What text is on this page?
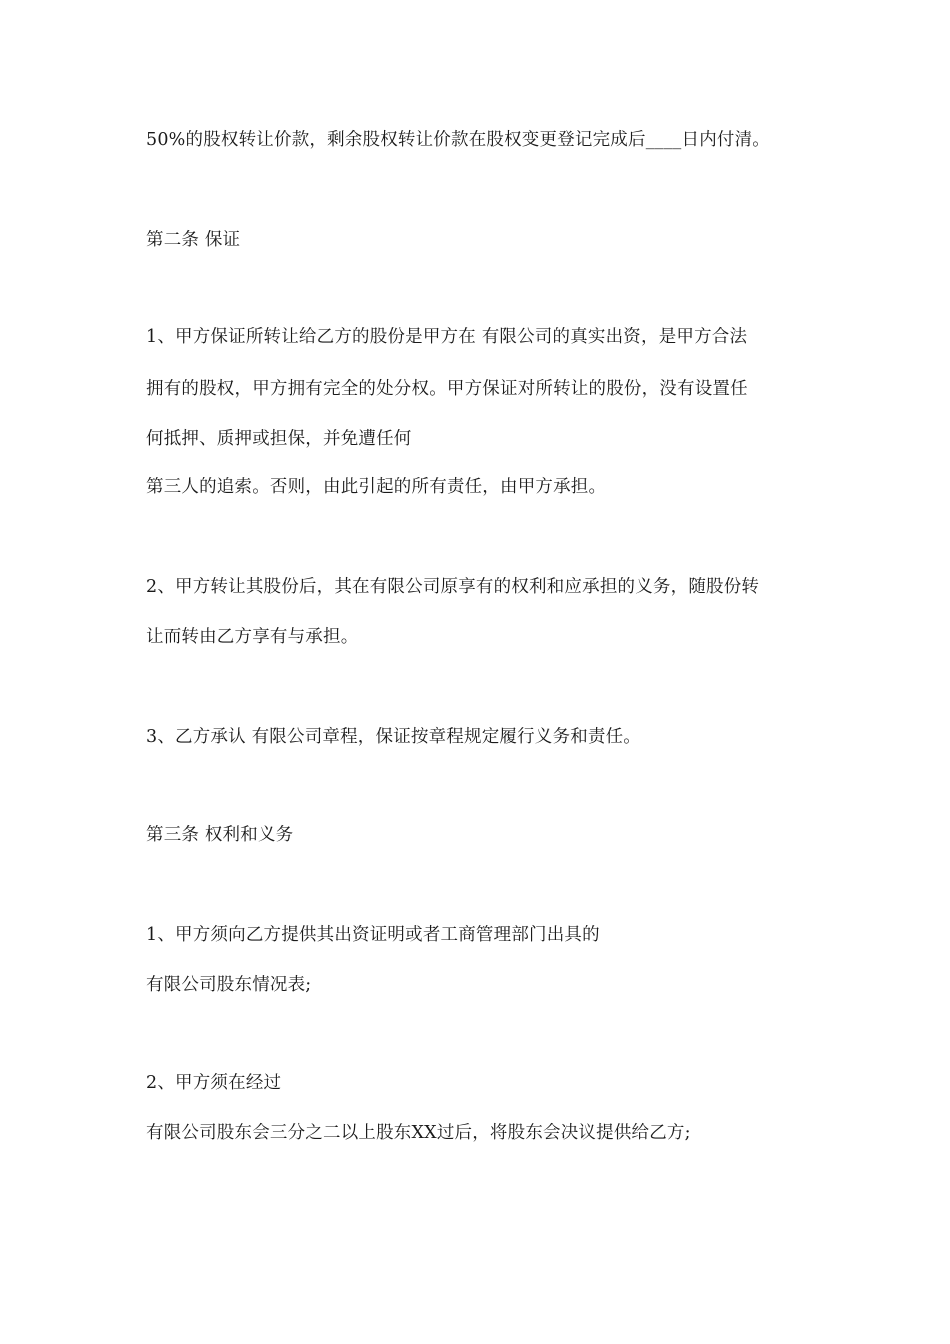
50%的股权转让价款，剩余股权转让价款在股权变更登记完成后____日内付清。
第二条 保证
1、甲方保证所转让给乙方的股份是甲方在 有限公司的真实出资，是甲方合法
拥有的股权，甲方拥有完全的处分权。甲方保证对所转让的股份，没有设置任
何抵押、质押或担保，并免遭任何
第三人的追索。否则，由此引起的所有责任，由甲方承担。
2、甲方转让其股份后，其在有限公司原享有的权利和应承担的义务，随股份转
让而转由乙方享有与承担。
3、乙方承认 有限公司章程，保证按章程规定履行义务和责任。
第三条 权利和义务
1、甲方须向乙方提供其出资证明或者工商管理部门出具的
有限公司股东情况表;
2、甲方须在经过
有限公司股东会三分之二以上股东XX过后，将股东会决议提供给乙方;
